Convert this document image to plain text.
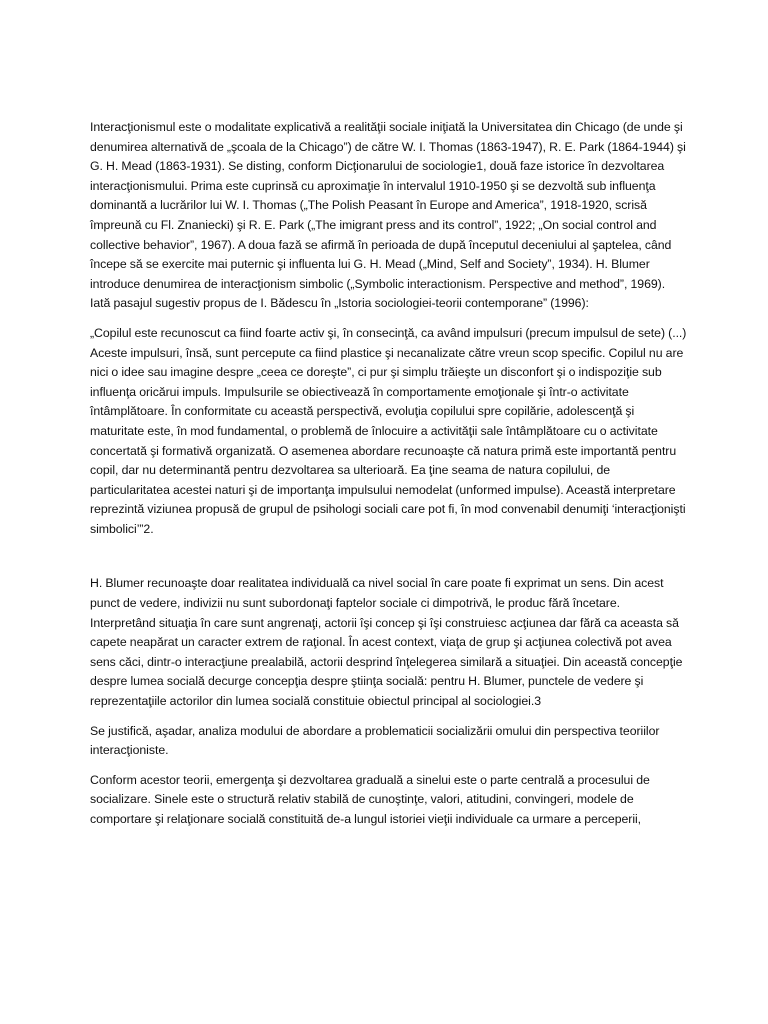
Interacţionismul este o modalitate explicativă a realităţii sociale iniţiată la Universitatea din Chicago (de unde şi denumirea alternativă de „şcoala de la Chicago”) de către W. I. Thomas (1863-1947), R. E. Park (1864-1944) şi G. H. Mead (1863-1931). Se disting, conform Dicţionarului de sociologie1, două faze istorice în dezvoltarea interacţionismului. Prima este cuprinsă cu aproximaţie în intervalul 1910-1950 şi se dezvoltă sub influenţa dominantă a lucrărilor lui W. I. Thomas („The Polish Peasant în Europe and America”, 1918-1920, scrisă împreună cu Fl. Znaniecki) şi R. E. Park („The imigrant press and its control”, 1922; „On social control and collective behavior”, 1967). A doua fază se afirmă în perioada de după începutul deceniului al şaptelea, când începe să se exercite mai puternic şi influenta lui G. H. Mead („Mind, Self and Society”, 1934). H. Blumer introduce denumirea de interacţionism simbolic („Symbolic interactionism. Perspective and method”, 1969). Iată pasajul sugestiv propus de I. Bădescu în „Istoria sociologiei-teorii contemporane” (1996):

„Copilul este recunoscut ca fiind foarte activ şi, în consecinţă, ca având impulsuri (precum impulsul de sete) (...) Aceste impulsuri, însă, sunt percepute ca fiind plastice şi necanalizate către vreun scop specific. Copilul nu are nici o idee sau imagine despre „ceea ce doreşte”, ci pur şi simplu trăieşte un disconfort şi o indispoziţie sub influenţa oricărui impuls. Impulsurile se obiectivează în comportamente emoţionale şi într-o activitate întâmplătoare. În conformitate cu această perspectivă, evoluţia copilului spre copilărie, adolescenţă şi maturitate este, în mod fundamental, o problemă de înlocuire a activităţii sale întâmplătoare cu o activitate concertată şi formativă organizată. O asemenea abordare recunoaşte că natura primă este importantă pentru copil, dar nu determinantă pentru dezvoltarea sa ulterioară. Ea ţine seama de natura copilului, de particularitatea acestei naturi şi de importanţa impulsului nemodelat (unformed impulse). Această interpretare reprezintă viziunea propusă de grupul de psihologi sociali care pot fi, în mod convenabil denumiţi ‘interacţionişti simbolici’”2.

H. Blumer recunoaşte doar realitatea individuală ca nivel social în care poate fi exprimat un sens. Din acest punct de vedere, indivizii nu sunt subordonaţi faptelor sociale ci dimpotrivă, le produc fără încetare. Interpretând situaţia în care sunt angrenaţi, actorii îşi concep şi îşi construiesc acţiunea dar fără ca aceasta să capete neapărat un caracter extrem de raţional. În acest context, viaţa de grup şi acţiunea colectivă pot avea sens căci, dintr-o interacţiune prealabilă, actorii desprind înţelegerea similară a situaţiei. Din această concepţie despre lumea socială decurge concepţia despre ştiinţa socială: pentru H. Blumer, punctele de vedere şi reprezentaţiile actorilor din lumea socială constituie obiectul principal al sociologiei.3

Se justifică, aşadar, analiza modului de abordare a problematicii socializării omului din perspectiva teoriilor interacţioniste.

Conform acestor teorii, emergenţa şi dezvoltarea graduală a sinelui este o parte centrală a procesului de socializare. Sinele este o structură relativ stabilă de cunoştinţe, valori, atitudini, convingeri, modele de comportare şi relaţionare socială constituită de-a lungul istoriei vieţii individuale ca urmare a perceperii,
